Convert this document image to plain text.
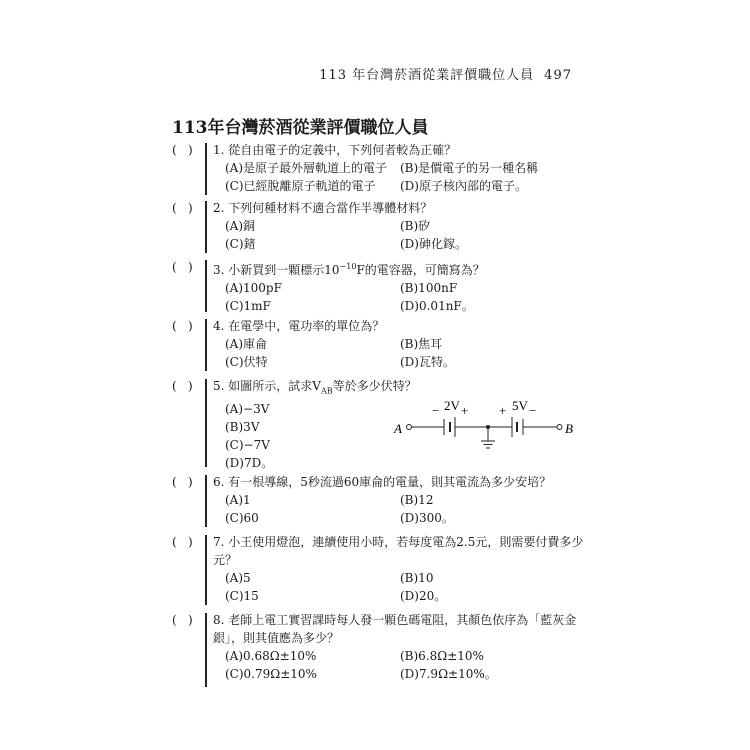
113 年台灣菸酒從業評價職位人員 497
113年台灣菸酒從業評價職位人員
( ) 1. 從自由電子的定義中，下列何者較為正確？
(A)是原子最外層軌道上的電子	(B)是價電子的另一種名稱
(C)已經脫離原子軌道的電子	(D)原子核內部的電子。
( ) 2. 下列何種材料不適合當作半導體材料？
(A)銅	(B)矽
(C)鍺	(D)砷化鎵。
( ) 3. 小新買到一顆標示$10^{-10}F$的電容器，可簡寫為？
(A)100pF	(B)100nF
(C)1mF	(D)0.01nF。
( ) 4. 在電學中，電功率的單位為？
(A)庫侖	(B)焦耳
(C)伏特	(D)瓦特。
( ) 5. 如圖所示，試求$V_{AB}$等於多少伏特？
(A)−3V
(B)3V
(C)−7V
(D)7D。
A	B
− 2V + + 5V −
( ) 6. 有一根導線，5秒流過60庫侖的電量，則其電流為多少安培？
(A)1	(B)12
(C)60	(D)300。
( ) 7. 小王使用燈泡，連續使用小時，若每度電為2.5元，則需要付費多少元？
(A)5	(B)10
(C)15	(D)20。
( ) 8. 老師上電工實習課時每人發一顆色碼電阻，其顏色依序為「藍灰金銀」，則其值應為多少？
(A)0.68Ω±10%	(B)6.8Ω±10%
(C)0.79Ω±10%	(D)7.9Ω±10%。
